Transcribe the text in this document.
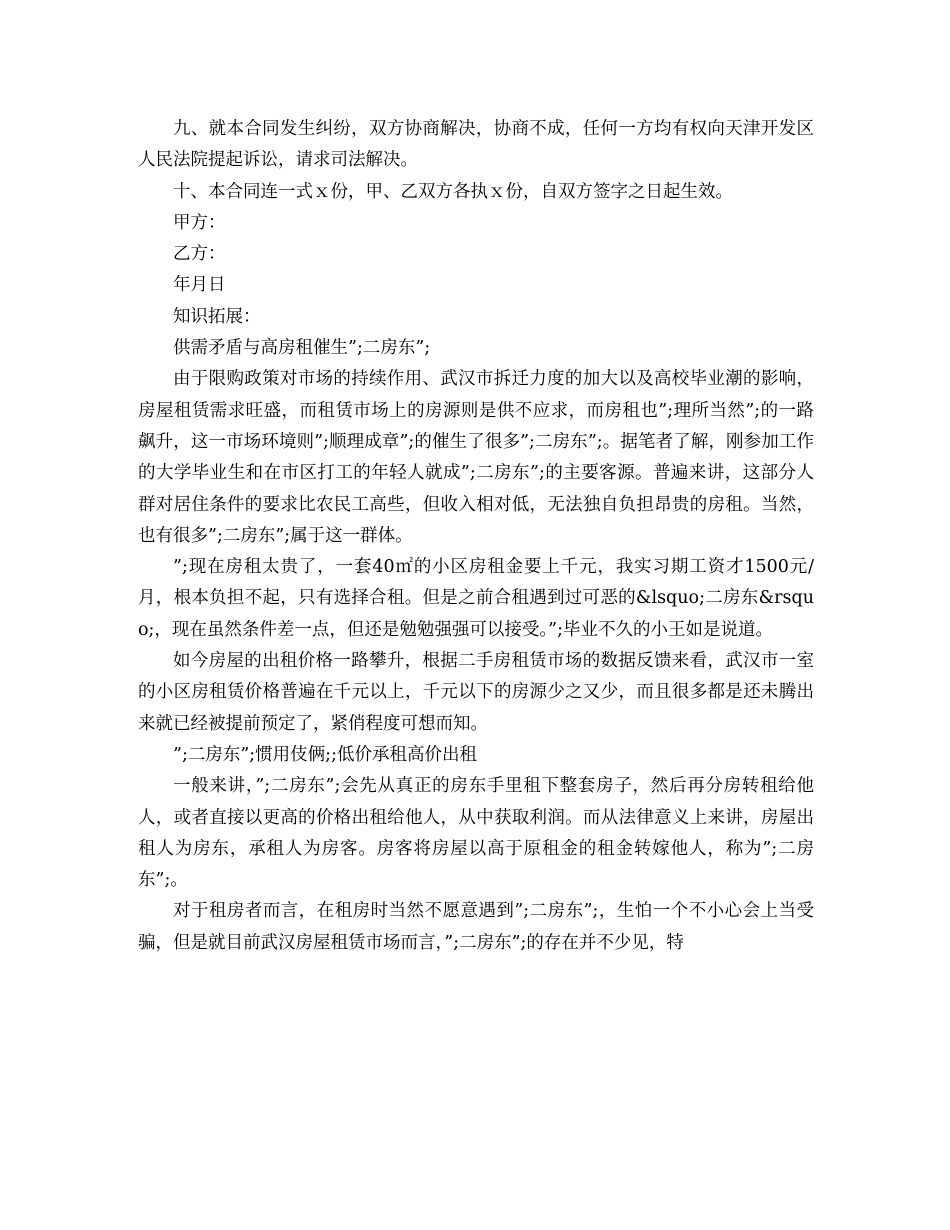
九、就本合同发生纠纷，双方协商解决，协商不成，任何一方均有权向天津开发区人民法院提起诉讼，请求司法解决。

十、本合同连一式ｘ份，甲、乙双方各执ｘ份，自双方签字之日起生效。

甲方：

乙方：

年月日

知识拓展：

供需矛盾与高房租催生”;二房东”;

由于限购政策对市场的持续作用、武汉市拆迁力度的加大以及高校毕业潮的影响，房屋租赁需求旺盛，而租赁市场上的房源则是供不应求，而房租也”;理所当然”;的一路飙升，这一市场环境则”;顺理成章”;的催生了很多”;二房东”;。据笔者了解，刚参加工作的大学毕业生和在市区打工的年轻人就成”;二房东”;的主要客源。普遍来讲，这部分人群对居住条件的要求比农民工高些，但收入相对低，无法独自负担昂贵的房租。当然，也有很多”;二房东”;属于这一群体。

”;现在房租太贵了，一套40㎡的小区房租金要上千元，我实习期工资才1500元/月，根本负担不起，只有选择合租。但是之前合租遇到过可恶的&lsquo;二房东&rsquo;，现在虽然条件差一点，但还是勉勉强强可以接受。”;毕业不久的小王如是说道。

如今房屋的出租价格一路攀升，根据二手房租赁市场的数据反馈来看，武汉市一室的小区房租赁价格普遍在千元以上，千元以下的房源少之又少，而且很多都是还未腾出来就已经被提前预定了，紧俏程度可想而知。

”;二房东”;惯用伎俩;;低价承租高价出租

一般来讲，”;二房东”;会先从真正的房东手里租下整套房子，然后再分房转租给他人，或者直接以更高的价格出租给他人，从中获取利润。而从法律意义上来讲，房屋出租人为房东，承租人为房客。房客将房屋以高于原租金的租金转嫁他人，称为”;二房东”;。

对于租房者而言，在租房时当然不愿意遇到”;二房东”;，生怕一个不小心会上当受骗，但是就目前武汉房屋租赁市场而言，”;二房东”;的存在并不少见，特
